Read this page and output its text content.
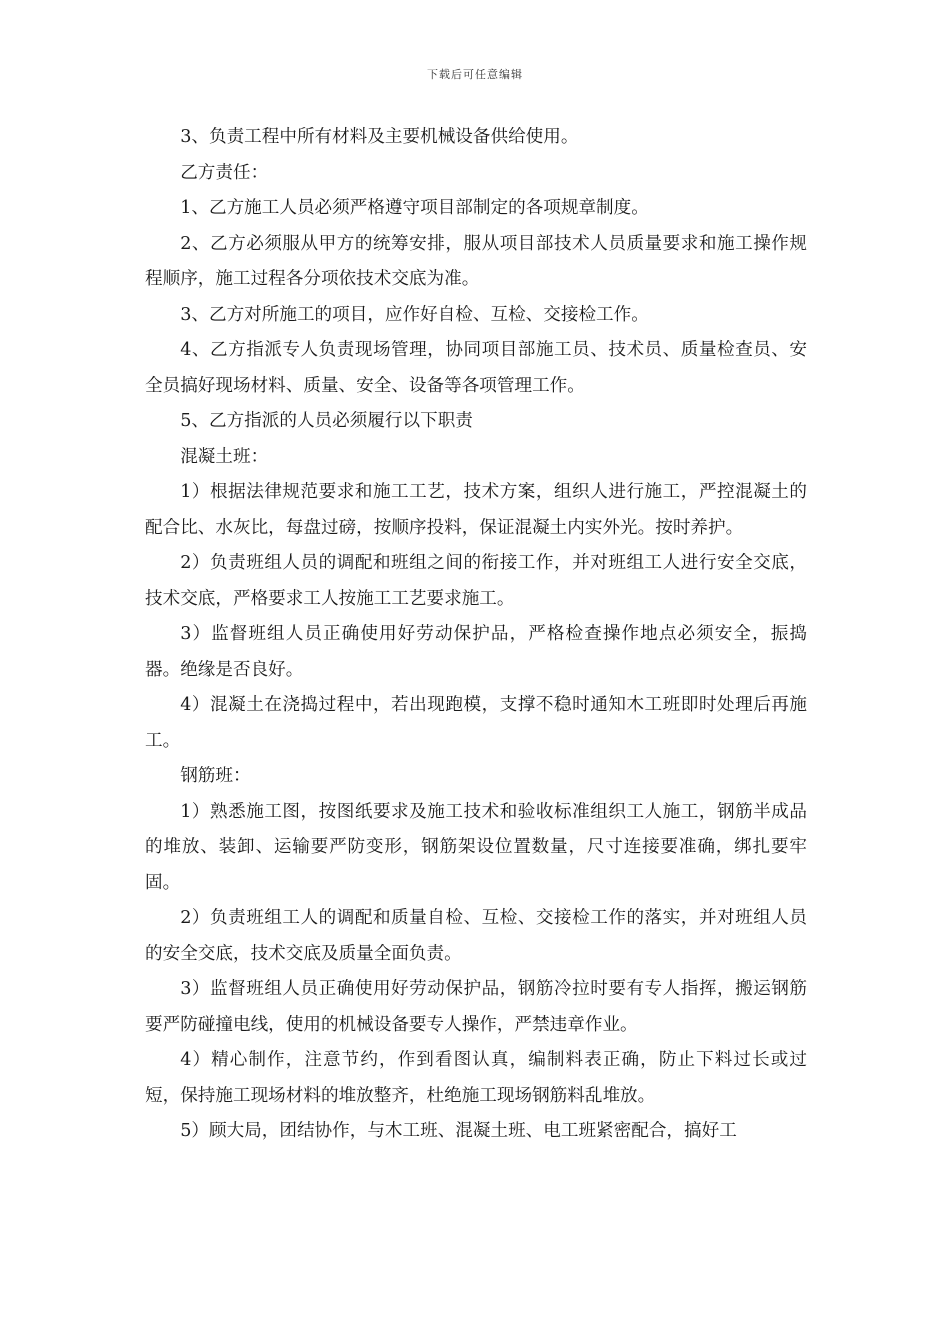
下载后可任意编辑

3、负责工程中所有材料及主要机械设备供给使用。

乙方责任：

1、乙方施工人员必须严格遵守项目部制定的各项规章制度。

2、乙方必须服从甲方的统筹安排，服从项目部技术人员质量要求和施工操作规程顺序，施工过程各分项依技术交底为准。

3、乙方对所施工的项目，应作好自检、互检、交接检工作。

4、乙方指派专人负责现场管理，协同项目部施工员、技术员、质量检查员、安全员搞好现场材料、质量、安全、设备等各项管理工作。

5、乙方指派的人员必须履行以下职责

混凝土班：

1）根据法律规范要求和施工工艺，技术方案，组织人进行施工，严控混凝土的配合比、水灰比，每盘过磅，按顺序投料，保证混凝土内实外光。按时养护。

2）负责班组人员的调配和班组之间的衔接工作，并对班组工人进行安全交底，技术交底，严格要求工人按施工工艺要求施工。

3）监督班组人员正确使用好劳动保护品，严格检查操作地点必须安全，振捣器。绝缘是否良好。

4）混凝土在浇捣过程中，若出现跑模，支撑不稳时通知木工班即时处理后再施工。

钢筋班：

1）熟悉施工图，按图纸要求及施工技术和验收标准组织工人施工，钢筋半成品的堆放、装卸、运输要严防变形，钢筋架设位置数量，尺寸连接要准确，绑扎要牢固。

2）负责班组工人的调配和质量自检、互检、交接检工作的落实，并对班组人员的安全交底，技术交底及质量全面负责。

3）监督班组人员正确使用好劳动保护品，钢筋冷拉时要有专人指挥，搬运钢筋要严防碰撞电线，使用的机械设备要专人操作，严禁违章作业。

4）精心制作，注意节约，作到看图认真，编制料表正确，防止下料过长或过短，保持施工现场材料的堆放整齐，杜绝施工现场钢筋料乱堆放。

5）顾大局，团结协作，与木工班、混凝土班、电工班紧密配合，搞好工
